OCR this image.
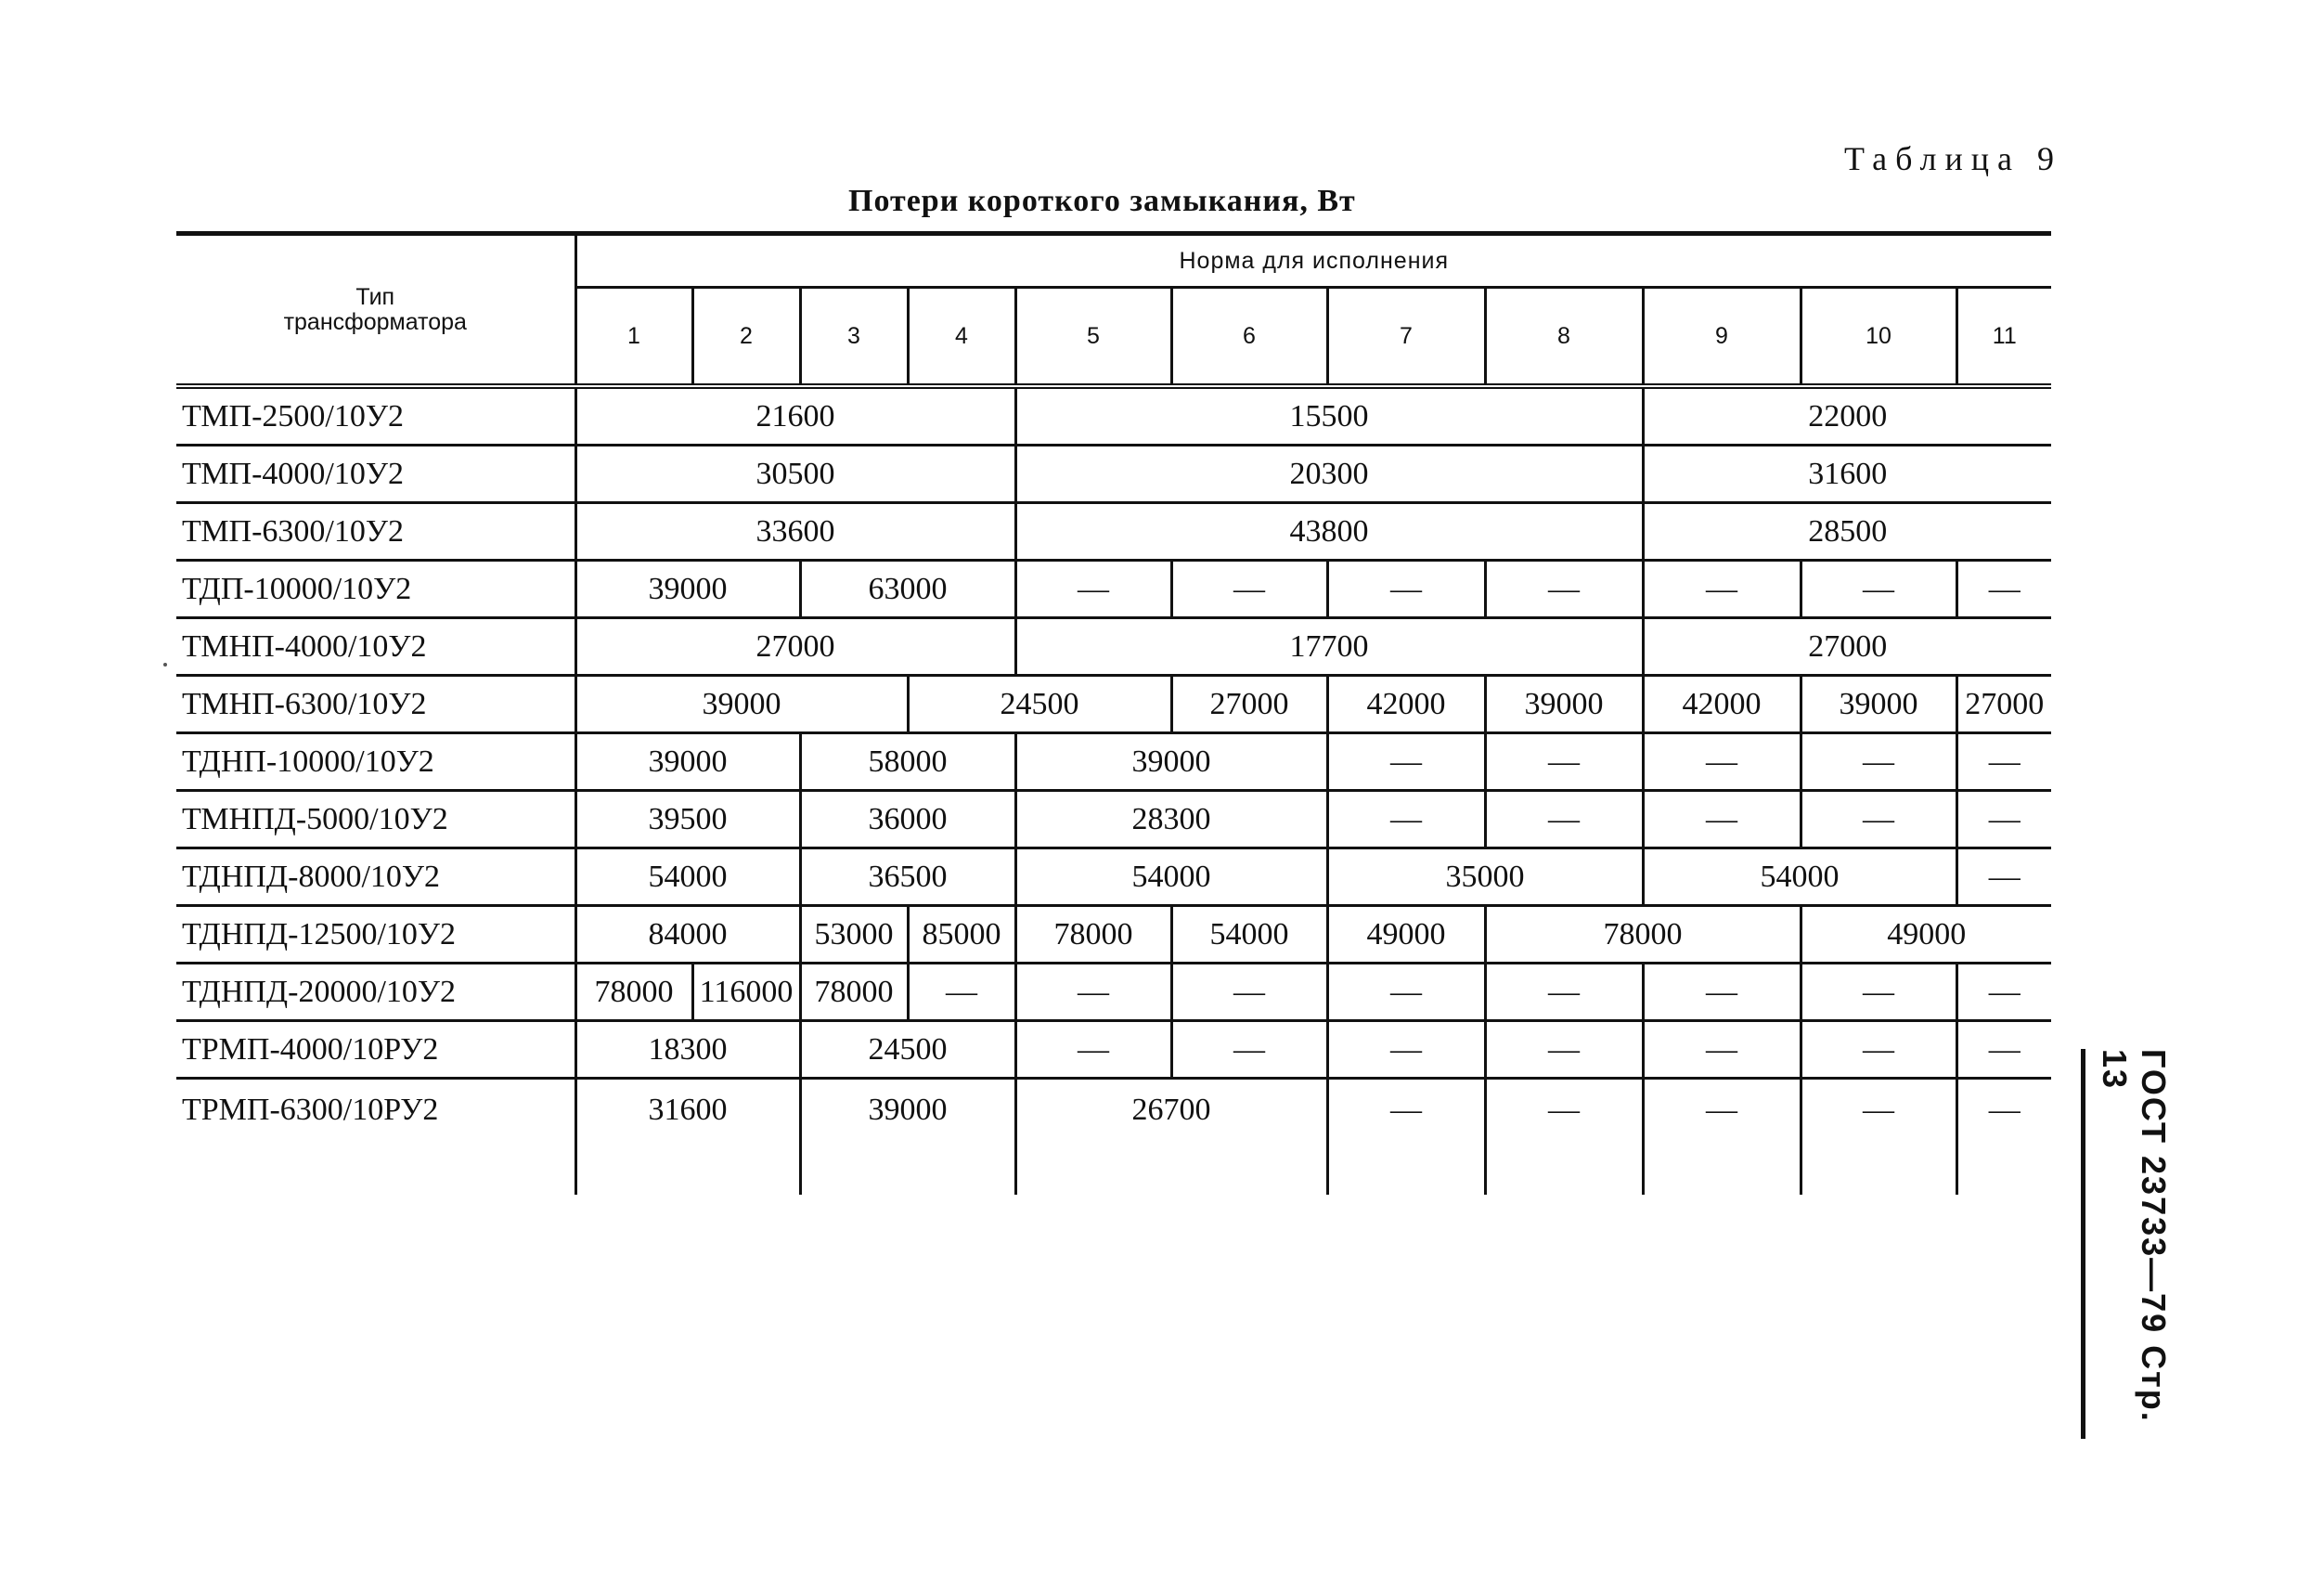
Таблица 9
Потери короткого замыкания, Вт
Тип
трансформатора	Норма для исполнения										
	1	2	3	4	5	6	7	8	9	10	11
ТМП-2500/10У2	21600				15500				22000		
ТМП-4000/10У2	30500				20300				31600		
ТМП-6300/10У2	33600				43800				28500		
ТДП-10000/10У2	39000		63000		—	—	—	—	—	—	—
ТМНП-4000/10У2	27000				17700				27000		
ТМНП-6300/10У2	39000			24500		27000	42000	39000	42000	39000	27000
ТДНП-10000/10У2	39000		58000		39000		—	—	—	—	—
ТМНПД-5000/10У2	39500		36000		28300		—	—	—	—	—
ТДНПД-8000/10У2	54000		36500		54000		35000		54000		—
ТДНПД-12500/10У2	84000		53000	85000	78000	54000	49000	78000		49000	
ТДНПД-20000/10У2	78000	116000	78000	—	—	—	—	—	—	—	—
ТРМП-4000/10РУ2	18300		24500		—	—	—	—	—	—	—
ТРМП-6300/10РУ2	31600		39000		26700		—	—	—	—	—	ГОСТ 23733—79 Стр. 13
